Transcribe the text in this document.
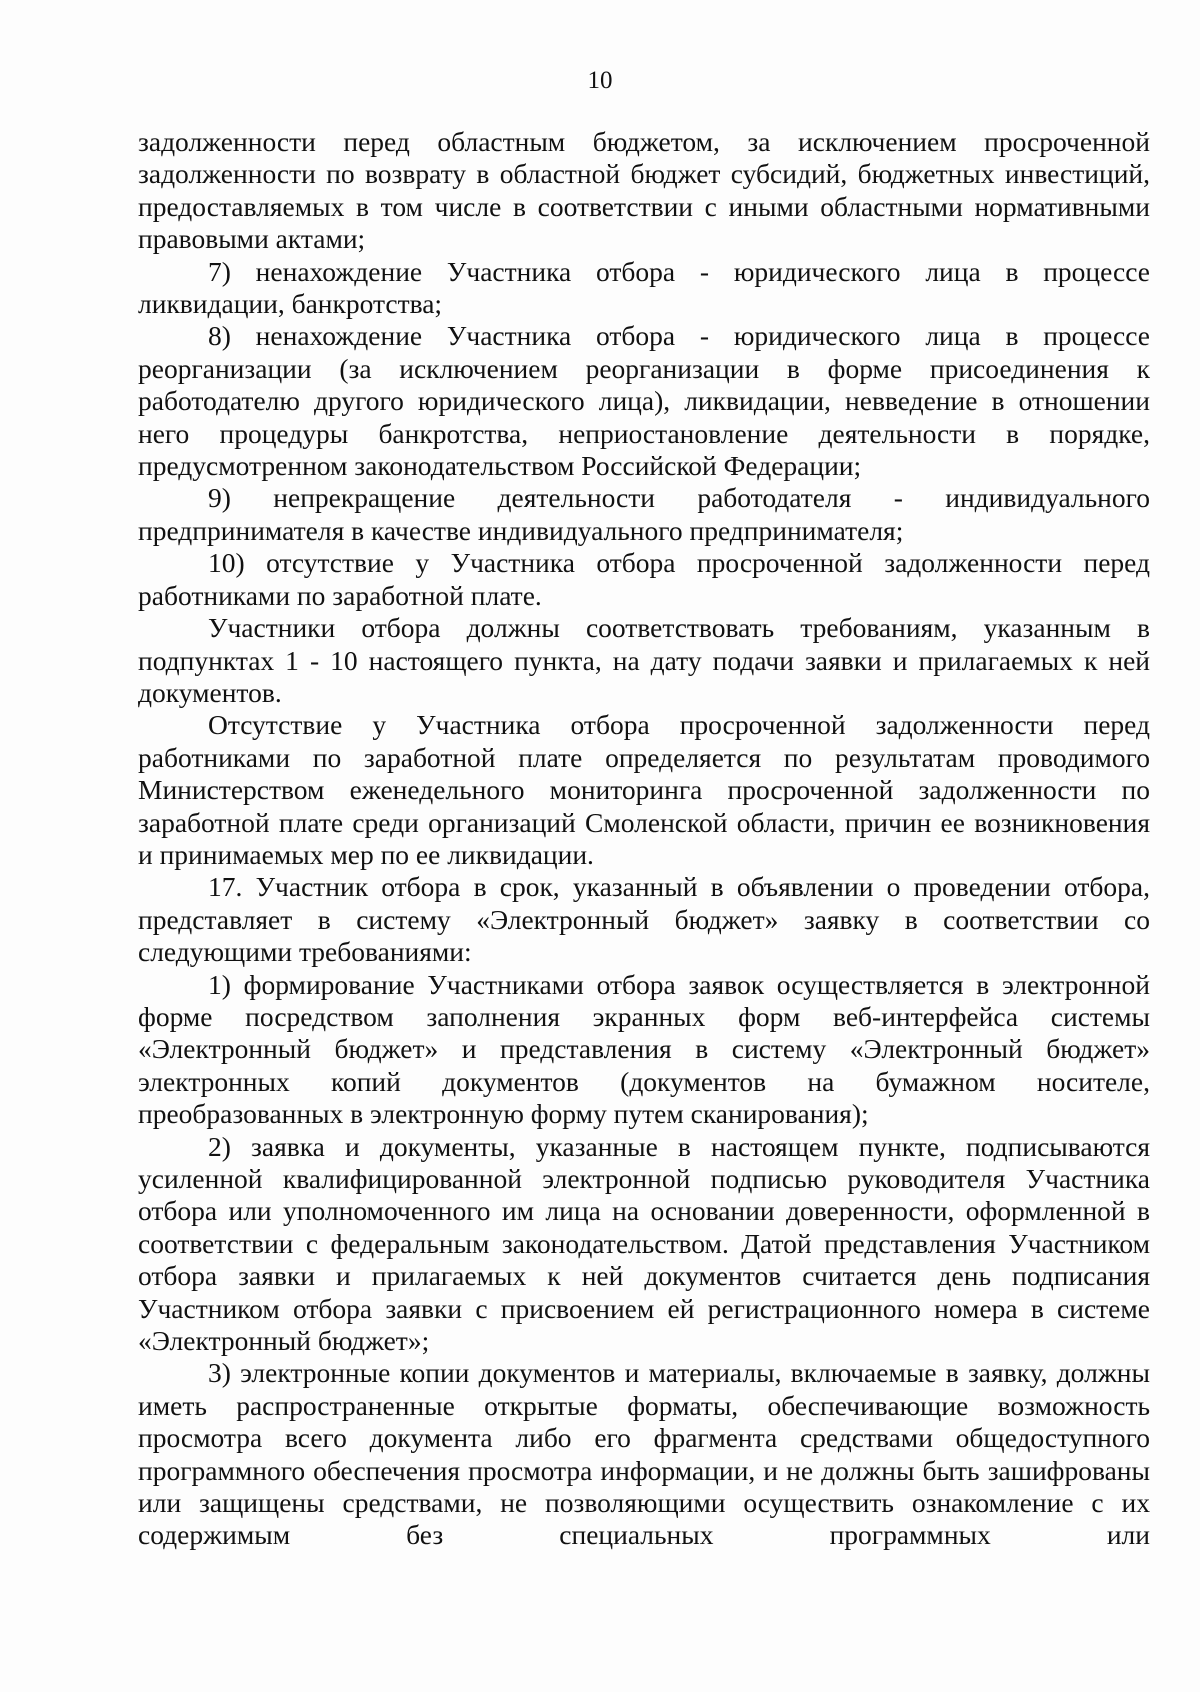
10

задолженности перед областным бюджетом, за исключением просроченной задолженности по возврату в областной бюджет субсидий, бюджетных инвестиций, предоставляемых в том числе в соответствии с иными областными нормативными правовыми актами;

7) ненахождение Участника отбора - юридического лица в процессе ликвидации, банкротства;

8) ненахождение Участника отбора - юридического лица в процессе реорганизации (за исключением реорганизации в форме присоединения к работодателю другого юридического лица), ликвидации, невведение в отношении него процедуры банкротства, неприостановление деятельности в порядке, предусмотренном законодательством Российской Федерации;

9) непрекращение деятельности работодателя - индивидуального предпринимателя в качестве индивидуального предпринимателя;

10) отсутствие у Участника отбора просроченной задолженности перед работниками по заработной плате.

Участники отбора должны соответствовать требованиям, указанным в подпунктах 1 - 10 настоящего пункта, на дату подачи заявки и прилагаемых к ней документов.

Отсутствие у Участника отбора просроченной задолженности перед работниками по заработной плате определяется по результатам проводимого Министерством еженедельного мониторинга просроченной задолженности по заработной плате среди организаций Смоленской области, причин ее возникновения и принимаемых мер по ее ликвидации.

17. Участник отбора в срок, указанный в объявлении о проведении отбора, представляет в систему «Электронный бюджет» заявку в соответствии со следующими требованиями:

1) формирование Участниками отбора заявок осуществляется в электронной форме посредством заполнения экранных форм веб-интерфейса системы «Электронный бюджет» и представления в систему «Электронный бюджет» электронных копий документов (документов на бумажном носителе, преобразованных в электронную форму путем сканирования);

2) заявка и документы, указанные в настоящем пункте, подписываются усиленной квалифицированной электронной подписью руководителя Участника отбора или уполномоченного им лица на основании доверенности, оформленной в соответствии с федеральным законодательством. Датой представления Участником отбора заявки и прилагаемых к ней документов считается день подписания Участником отбора заявки с присвоением ей регистрационного номера в системе «Электронный бюджет»;

3) электронные копии документов и материалы, включаемые в заявку, должны иметь распространенные открытые форматы, обеспечивающие возможность просмотра всего документа либо его фрагмента средствами общедоступного программного обеспечения просмотра информации, и не должны быть зашифрованы или защищены средствами, не позволяющими осуществить ознакомление с их содержимым без специальных программных или
